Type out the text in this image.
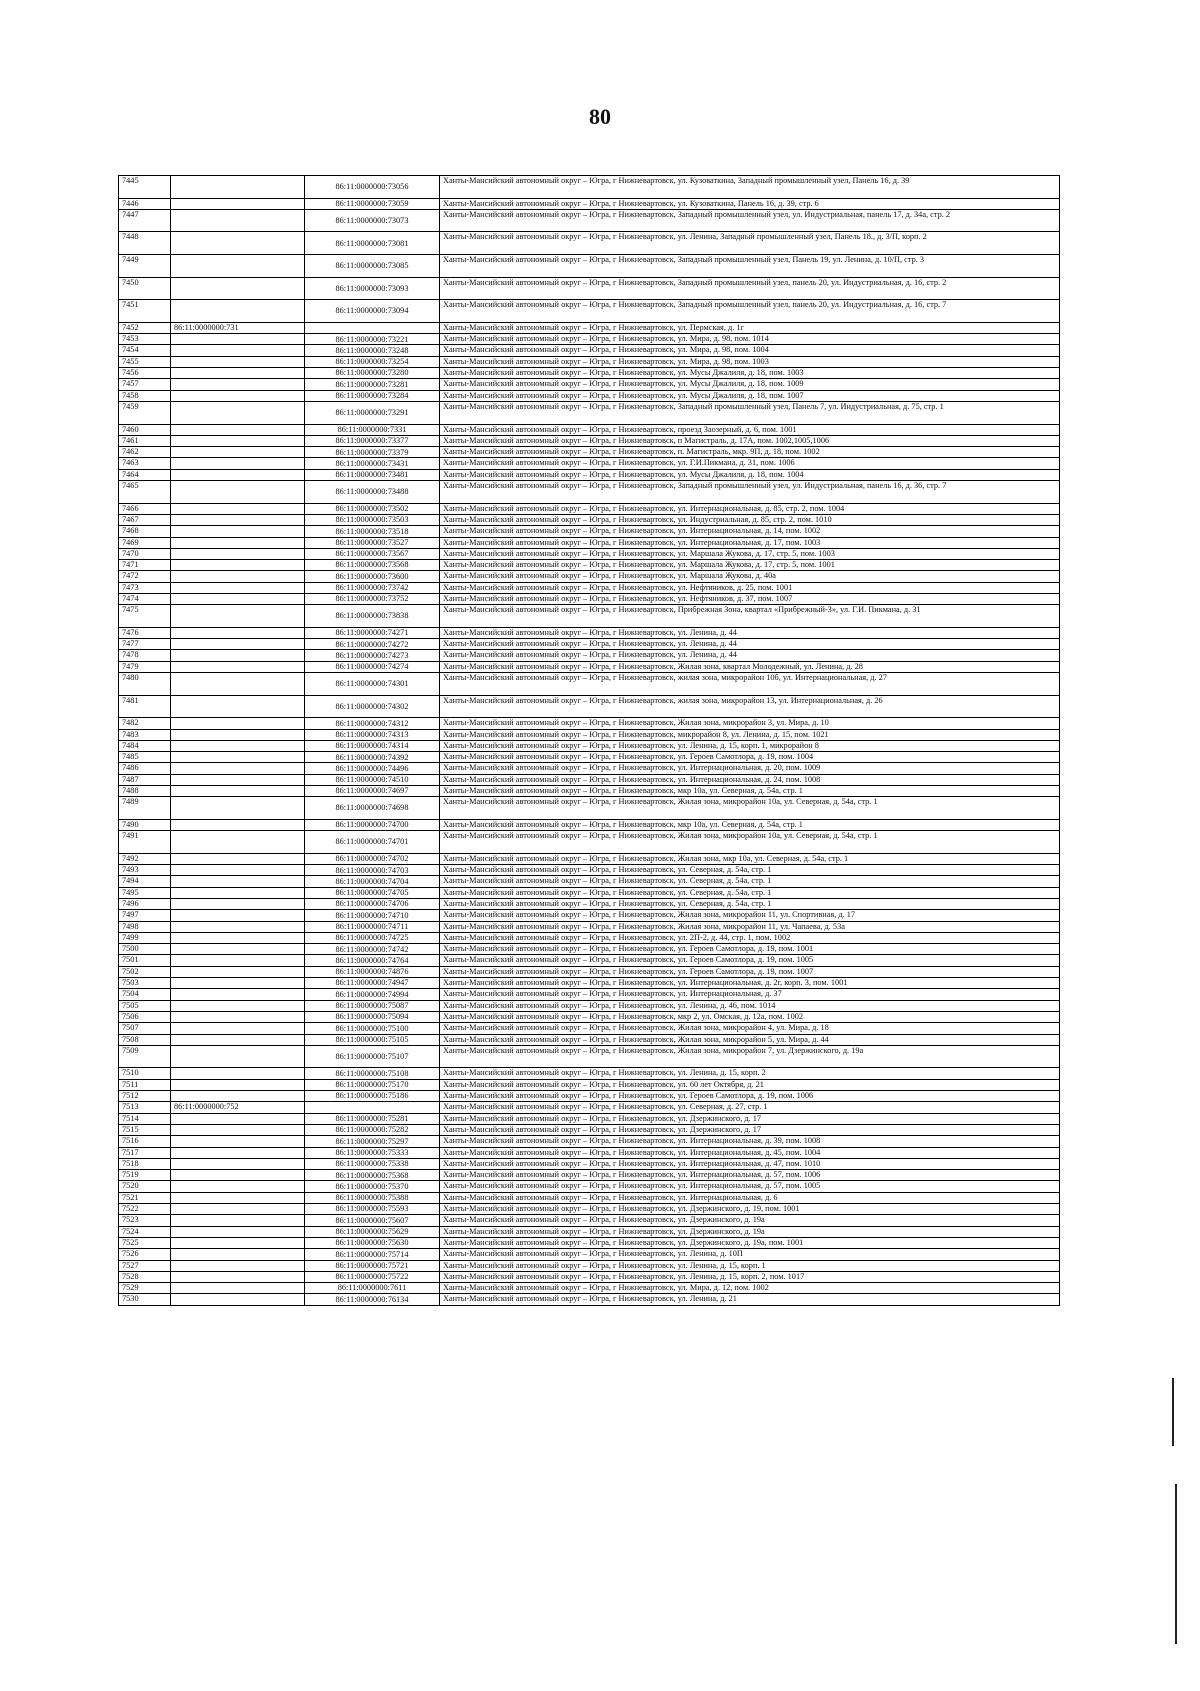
80
7445		86:11:0000000:73056	Ханты-Мансийский автономный округ – Югра, г Нижневартовск, ул. Кузоваткина, Западный промышленный узел, Панель 16, д. 39
7446		86:11:0000000:73059	Ханты-Мансийский автономный округ – Югра, г Нижневартовск, ул. Кузоваткина, Панель 16, д. 39, стр. 6
7447		86:11:0000000:73073	Ханты-Мансийский автономный округ – Югра, г Нижневартовск, Западный промышленный узел, ул. Индустриальная, панель 17, д. 34а, стр. 2
7448		86:11:0000000:73081	Ханты-Мансийский автономный округ – Югра, г Нижневартовск, ул. Ленина, Западный промышленный узел, Панель 18., д. 3/П, корп. 2
7449		86:11:0000000:73085	Ханты-Мансийский автономный округ – Югра, г Нижневартовск, Западный промышленный узел, Панель 19, ул. Ленина, д. 10/П, стр. 3
7450		86:11:0000000:73093	Ханты-Мансийский автономный округ – Югра, г Нижневартовск, Западный промышленный узел, панель 20, ул. Индустриальная, д. 16, стр. 2
7451		86:11:0000000:73094	Ханты-Мансийский автономный округ – Югра, г Нижневартовск, Западный промышленный узел, панель 20, ул. Индустриальная, д. 16, стр. 7
7452	86:11:0000000:731		Ханты-Мансийский автономный округ – Югра, г Нижневартовск, ул. Пермская, д. 1г
7453		86:11:0000000:73221	Ханты-Мансийский автономный округ – Югра, г Нижневартовск, ул. Мира, д. 98, пом. 1014
7454		86:11:0000000:73248	Ханты-Мансийский автономный округ – Югра, г Нижневартовск, ул. Мира, д. 98, пом. 1004
7455		86:11:0000000:73254	Ханты-Мансийский автономный округ – Югра, г Нижневартовск, ул. Мира, д. 98, пом. 1003
7456		86:11:0000000:73280	Ханты-Мансийский автономный округ – Югра, г Нижневартовск, ул. Мусы Джалиля, д. 18, пом. 1003
7457		86:11:0000000:73281	Ханты-Мансийский автономный округ – Югра, г Нижневартовск, ул. Мусы Джалиля, д. 18, пом. 1009
7458		86:11:0000000:73284	Ханты-Мансийский автономный округ – Югра, г Нижневартовск, ул. Мусы Джалиля, д. 18, пом. 1007
7459		86:11:0000000:73291	Ханты-Мансийский автономный округ – Югра, г Нижневартовск, Западный промышленный узел, Панель 7, ул. Индустриальная, д. 75, стр. 1
7460		86:11:0000000:7331	Ханты-Мансийский автономный округ – Югра, г Нижневартовск, проезд Заозерный, д. 6, пом. 1001
7461		86:11:0000000:73377	Ханты-Мансийский автономный округ – Югра, г Нижневартовск, п Магистраль, д. 17А, пом. 1002,1005,1006
7462		86:11:0000000:73379	Ханты-Мансийский автономный округ – Югра, г Нижневартовск, п. Магистраль, мкр. 9П, д. 18, пом. 1002
7463		86:11:0000000:73431	Ханты-Мансийский автономный округ – Югра, г Нижневартовск, ул. Г.И.Пикмана, д. 31, пом. 1006
7464		86:11:0000000:73481	Ханты-Мансийский автономный округ – Югра, г Нижневартовск, ул. Мусы Джалиля, д. 18, пом. 1004
7465		86:11:0000000:73488	Ханты-Мансийский автономный округ – Югра, г Нижневартовск, Западный промышленный узел, ул. Индустриальная, панель 16, д. 36, стр. 7
7466		86:11:0000000:73502	Ханты-Мансийский автономный округ – Югра, г Нижневартовск, ул. Интернациональная, д. 85, стр. 2, пом. 1004
7467		86:11:0000000:73503	Ханты-Мансийский автономный округ – Югра, г Нижневартовск, ул. Индустриальная, д. 85, стр. 2, пом. 1010
7468		86:11:0000000:73518	Ханты-Мансийский автономный округ – Югра, г Нижневартовск, ул. Интернациональная, д. 14, пом. 1002
7469		86:11:0000000:73527	Ханты-Мансийский автономный округ – Югра, г Нижневартовск, ул. Интернациональная, д. 17, пом. 1003
7470		86:11:0000000:73567	Ханты-Мансийский автономный округ – Югра, г Нижневартовск, ул. Маршала Жукова, д. 17, стр. 5, пом. 1003
7471		86:11:0000000:73568	Ханты-Мансийский автономный округ – Югра, г Нижневартовск, ул. Маршала Жукова, д. 17, стр. 5, пом. 1001
7472		86:11:0000000:73600	Ханты-Мансийский автономный округ – Югра, г Нижневартовск, ул. Маршала Жукова, д. 40а
7473		86:11:0000000:73742	Ханты-Мансийский автономный округ – Югра, г Нижневартовск, ул. Нефтяников, д. 25, пом. 1001
7474		86:11:0000000:73752	Ханты-Мансийский автономный округ – Югра, г Нижневартовск, ул. Нефтяников, д. 37, пом. 1007
7475		86:11:0000000:73838	Ханты-Мансийский автономный округ – Югра, г Нижневартовск, Прибрежная Зона, квартал «Прибрежный-3», ул. Г.И. Пикмана, д. 31
7476		86:11:0000000:74271	Ханты-Мансийский автономный округ – Югра, г Нижневартовск, ул. Ленина, д. 44
7477		86:11:0000000:74272	Ханты-Мансийский автономный округ – Югра, г Нижневартовск, ул. Ленина, д. 44
7478		86:11:0000000:74273	Ханты-Мансийский автономный округ – Югра, г Нижневартовск, ул. Ленина, д. 44
7479		86:11:0000000:74274	Ханты-Мансийский автономный округ – Югра, г Нижневартовск, Жилая зона, квартал Молодежный, ул. Ленина, д. 28
7480		86:11:0000000:74301	Ханты-Мансийский автономный округ – Югра, г Нижневартовск, жилая зона, микрорайон 10б, ул. Интернациональная, д. 27
7481		86:11:0000000:74302	Ханты-Мансийский автономный округ – Югра, г Нижневартовск, жилая зона, микрорайон 13, ул. Интернациональная, д. 26
7482		86:11:0000000:74312	Ханты-Мансийский автономный округ – Югра, г Нижневартовск, Жилая зона, микрорайон 3, ул. Мира, д. 10
7483		86:11:0000000:74313	Ханты-Мансийский автономный округ – Югра, г Нижневартовск, микрорайон 8, ул. Ленина, д. 15, пом. 1021
7484		86:11:0000000:74314	Ханты-Мансийский автономный округ – Югра, г Нижневартовск, ул. Ленина, д. 15, корп. 1, микрорайон 8
7485		86:11:0000000:74392	Ханты-Мансийский автономный округ – Югра, г Нижневартовск, ул. Героев Самотлора, д. 19, пом. 1004
7486		86:11:0000000:74496	Ханты-Мансийский автономный округ – Югра, г Нижневартовск, ул. Интернациональная, д. 20, пом. 1009
7487		86:11:0000000:74510	Ханты-Мансийский автономный округ – Югра, г Нижневартовск, ул. Интернациональная, д. 24, пом. 1008
7488		86:11:0000000:74697	Ханты-Мансийский автономный округ – Югра, г Нижневартовск, мкр 10а, ул. Северная, д. 54а, стр. 1
7489		86:11:0000000:74698	Ханты-Мансийский автономный округ – Югра, г Нижневартовск, Жилая зона, микрорайон 10а, ул. Северная, д. 54а, стр. 1
7490		86:11:0000000:74700	Ханты-Мансийский автономный округ – Югра, г Нижневартовск, мкр 10а, ул. Северная, д. 54а, стр. 1
7491		86:11:0000000:74701	Ханты-Мансийский автономный округ – Югра, г Нижневартовск, Жилая зона, микрорайон 10а, ул. Северная, д. 54а, стр. 1
7492		86:11:0000000:74702	Ханты-Мансийский автономный округ – Югра, г Нижневартовск, Жилая зона, мкр 10а, ул. Северная, д. 54а, стр. 1
7493		86:11:0000000:74703	Ханты-Мансийский автономный округ – Югра, г Нижневартовск, ул. Северная, д. 54а, стр. 1
7494		86:11:0000000:74704	Ханты-Мансийский автономный округ – Югра, г Нижневартовск, ул. Северная, д. 54а, стр. 1
7495		86:11:0000000:74705	Ханты-Мансийский автономный округ – Югра, г Нижневартовск, ул. Северная, д. 54а, стр. 1
7496		86:11:0000000:74706	Ханты-Мансийский автономный округ – Югра, г Нижневартовск, ул. Северная, д. 54а, стр. 1
7497		86:11:0000000:74710	Ханты-Мансийский автономный округ – Югра, г Нижневартовск, Жилая зона, микрорайон 11, ул. Спортивная, д. 17
7498		86:11:0000000:74711	Ханты-Мансийский автономный округ – Югра, г Нижневартовск, Жилая зона, микрорайон 11, ул. Чапаева, д. 53а
7499		86:11:0000000:74725	Ханты-Мансийский автономный округ – Югра, г Нижневартовск, ул. 2П-2, д. 44, стр. 1, пом. 1002
7500		86:11:0000000:74742	Ханты-Мансийский автономный округ – Югра, г Нижневартовск, ул. Героев Самотлора, д. 19, пом. 1001
7501		86:11:0000000:74764	Ханты-Мансийский автономный округ – Югра, г Нижневартовск, ул. Героев Самотлора, д. 19, пом. 1005
7502		86:11:0000000:74876	Ханты-Мансийский автономный округ – Югра, г Нижневартовск, ул. Героев Самотлора, д. 19, пом. 1007
7503		86:11:0000000:74947	Ханты-Мансийский автономный округ – Югра, г Нижневартовск, ул. Интернациональная, д. 2г, корп. 3, пом. 1001
7504		86:11:0000000:74994	Ханты-Мансийский автономный округ – Югра, г Нижневартовск, ул. Интернациональная, д. 37
7505		86:11:0000000:75087	Ханты-Мансийский автономный округ – Югра, г Нижневартовск, ул. Ленина, д. 46, пом. 1014
7506		86:11:0000000:75094	Ханты-Мансийский автономный округ – Югра, г Нижневартовск, мкр 2, ул. Омская, д. 12а, пом. 1002
7507		86:11:0000000:75100	Ханты-Мансийский автономный округ – Югра, г Нижневартовск, Жилая зона, микрорайон 4, ул. Мира, д. 18
7508		86:11:0000000:75105	Ханты-Мансийский автономный округ – Югра, г Нижневартовск, Жилая зона, микрорайон 5, ул. Мира, д. 44
7509		86:11:0000000:75107	Ханты-Мансийский автономный округ – Югра, г Нижневартовск, Жилая зона, микрорайон 7, ул. Дзержинского, д. 19а
7510		86:11:0000000:75108	Ханты-Мансийский автономный округ – Югра, г Нижневартовск, ул. Ленина, д. 15, корп. 2
7511		86:11:0000000:75170	Ханты-Мансийский автономный округ – Югра, г Нижневартовск, ул. 60 лет Октября, д. 21
7512		86:11:0000000:75186	Ханты-Мансийский автономный округ – Югра, г Нижневартовск, ул. Героев Самотлора, д. 19, пом. 1006
7513	86:11:0000000:752		Ханты-Мансийский автономный округ – Югра, г Нижневартовск, ул. Северная, д. 27, стр. 1
7514		86:11:0000000:75281	Ханты-Мансийский автономный округ – Югра, г Нижневартовск, ул. Дзержинского, д. 17
7515		86:11:0000000:75282	Ханты-Мансийский автономный округ – Югра, г Нижневартовск, ул. Дзержинского, д. 17
7516		86:11:0000000:75297	Ханты-Мансийский автономный округ – Югра, г Нижневартовск, ул. Интернациональная, д. 39, пом. 1008
7517		86:11:0000000:75333	Ханты-Мансийский автономный округ – Югра, г Нижневартовск, ул. Интернациональная, д. 45, пом. 1004
7518		86:11:0000000:75338	Ханты-Мансийский автономный округ – Югра, г Нижневартовск, ул. Интернациональная, д. 47, пом. 1010
7519		86:11:0000000:75368	Ханты-Мансийский автономный округ – Югра, г Нижневартовск, ул. Интернациональная, д. 57, пом. 1006
7520		86:11:0000000:75370	Ханты-Мансийский автономный округ – Югра, г Нижневартовск, ул. Интернациональная, д. 57, пом. 1005
7521		86:11:0000000:75388	Ханты-Мансийский автономный округ – Югра, г Нижневартовск, ул. Интернациональная, д. 6
7522		86:11:0000000:75593	Ханты-Мансийский автономный округ – Югра, г Нижневартовск, ул. Дзержинского, д. 19, пом. 1001
7523		86:11:0000000:75607	Ханты-Мансийский автономный округ – Югра, г Нижневартовск, ул. Дзержинского, д. 19а
7524		86:11:0000000:75629	Ханты-Мансийский автономный округ – Югра, г Нижневартовск, ул. Дзержинского, д. 19а
7525		86:11:0000000:75630	Ханты-Мансийский автономный округ – Югра, г Нижневартовск, ул. Дзержинского, д. 19а, пом. 1001
7526		86:11:0000000:75714	Ханты-Мансийский автономный округ – Югра, г Нижневартовск, ул. Ленина, д. 10П
7527		86:11:0000000:75721	Ханты-Мансийский автономный округ – Югра, г Нижневартовск, ул. Ленина, д. 15, корп. 1
7528		86:11:0000000:75722	Ханты-Мансийский автономный округ – Югра, г Нижневартовск, ул. Ленина, д. 15, корп. 2, пом. 1017
7529		86:11:0000000:7611	Ханты-Мансийский автономный округ – Югра, г Нижневартовск, ул. Мира, д. 12, пом. 1002
7530		86:11:0000000:76134	Ханты-Мансийский автономный округ – Югра, г Нижневартовск, ул. Ленина, д. 21
